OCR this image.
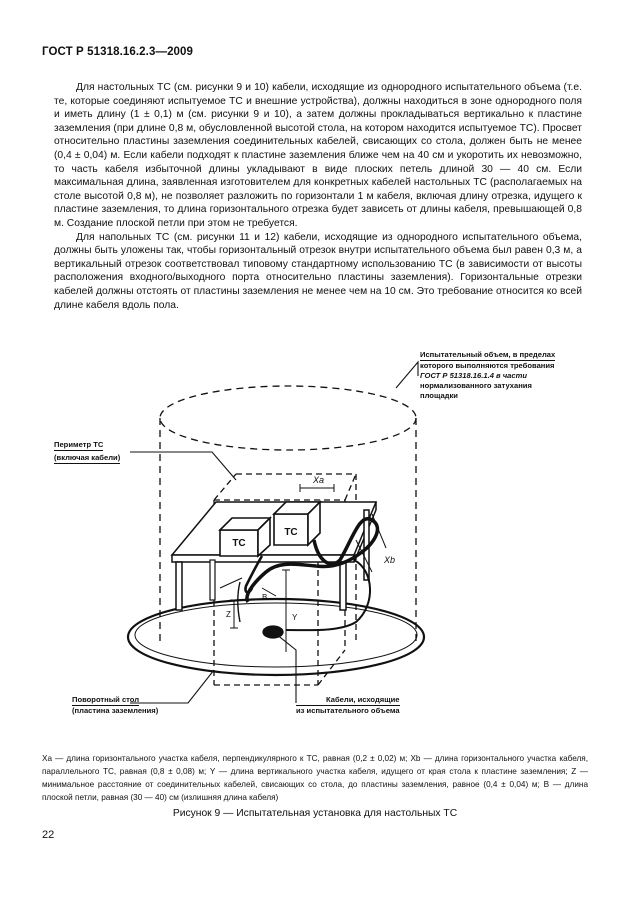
ГОСТ Р 51318.16.2.3—2009

Для настольных ТС (см. рисунки 9 и 10) кабели, исходящие из однородного испытательного объема (т.е. те, которые соединяют испытуемое ТС и внешние устройства), должны находиться в зоне однородного поля и иметь длину (1 ± 0,1) м (см. рисунки 9 и 10), а затем должны прокладываться вертикально к пластине заземления (при длине 0,8 м, обусловленной высотой стола, на котором находится испытуемое ТС). Просвет относительно пластины заземления соединительных кабелей, свисающих со стола, должен быть не менее (0,4 ± 0,04) м. Если кабели подходят к пластине заземления ближе чем на 40 см и укоротить их невозможно, то часть кабеля избыточной длины укладывают в виде плоских петель длиной 30 — 40 см. Если максимальная длина, заявленная изготовителем для конкретных кабелей настольных ТС (располагаемых на столе высотой 0,8 м), не позволяет разложить по горизонтали 1 м кабеля, включая длину отрезка, идущего к пластине заземления, то длина горизонтального отрезка будет зависеть от длины кабеля, превышающей 0,8 м. Создание плоской петли при этом не требуется.

Для напольных ТС (см. рисунки 11 и 12) кабели, исходящие из однородного испытательного объема, должны быть уложены так, чтобы горизонтальный отрезок внутри испытательного объема был равен 0,3 м, а вертикальный отрезок соответствовал типовому стандартному использованию ТС (в зависимости от высоты расположения входного/выходного порта относительно пластины заземления). Горизонтальные отрезки кабелей должны отстоять от пластины заземления не менее чем на 10 см. Это требование относится ко всей длине кабеля вдоль пола.

ТС
ТС
Xa
Xb
Y
Z
B
Испытательный объем, в пределах

которого выполняются требования
ГОСТ Р 51318.16.1.4 в части
нормализованного затухания
площадки
Периметр ТС
(включая кабели)
Поворотный стол

(пластина заземления)
Кабели, исходящие

из испытательного объема
Xa — длина горизонтального участка кабеля, перпендикулярного к ТС, равная (0,2 ± 0,02) м; Xb — длина горизонтального участка кабеля, параллельного ТС, равная (0,8 ± 0,08) м; Y — длина вертикального участка кабеля, идущего от края стола к пластине заземления; Z — минимальное расстояние от соединительных кабелей, свисающих со стола, до пластины заземления, равное (0,4 ± 0,04) м; B — длина плоской петли, равная (30 — 40) см (излишняя длина кабеля)
Рисунок 9 — Испытательная установка для настольных ТС
22
